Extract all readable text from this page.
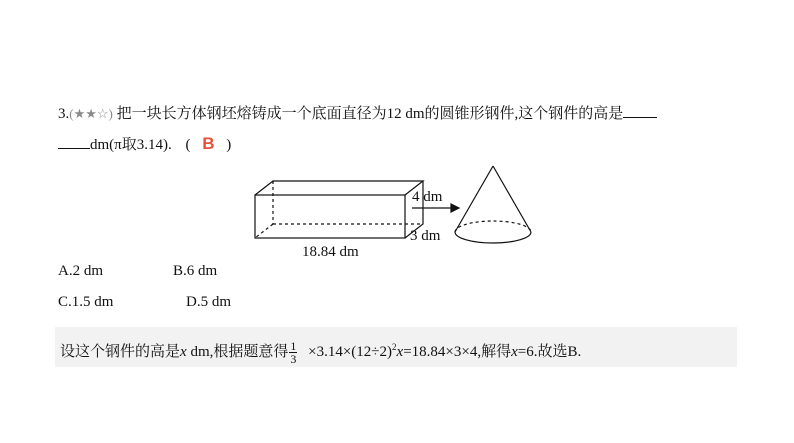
3.(★★☆) 把一块长方体钢坯熔铸成一个底面直径为12 dm的圆锥形钢件,这个钢件的高是
dm(π取3.14). ( B )
18.84 dm
4 dm
3 dm
A.2 dm	B.6 dm
C.1.5 dm	D.5 dm
设这个钢件的高是x dm,根据题意得 $\frac{1}{3} \times 3.14\times(12\div 2)^2x=18.84\times 3\times 4$,解得x=6.故选B.
